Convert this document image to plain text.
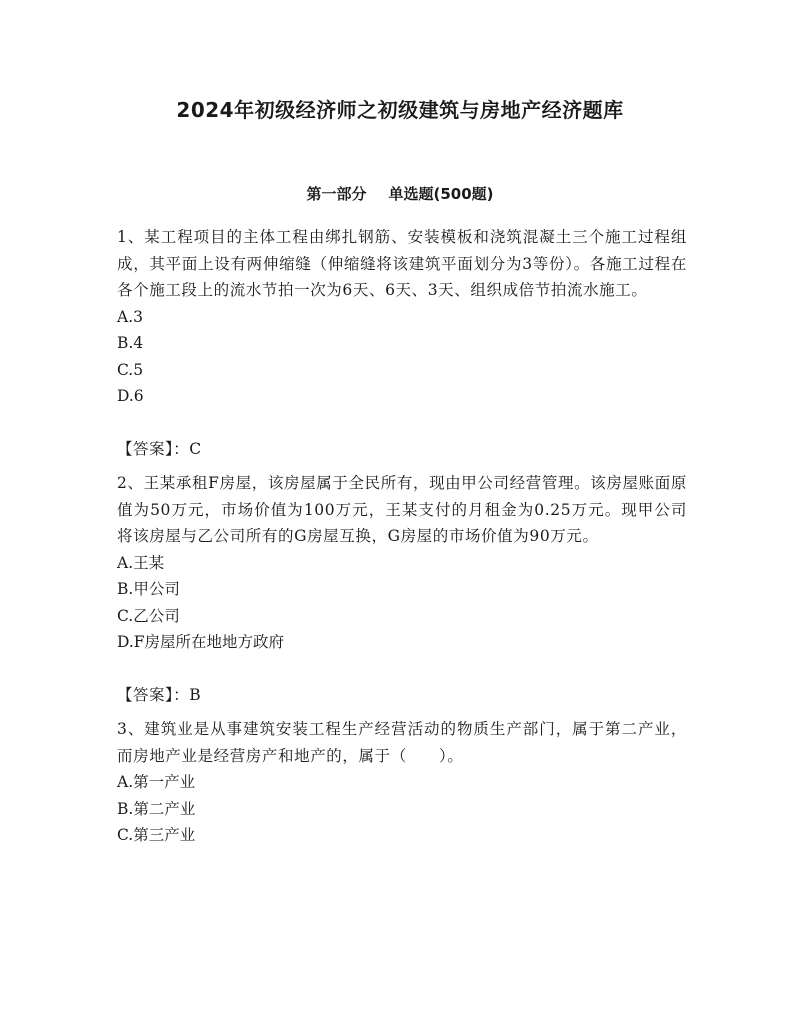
2024年初级经济师之初级建筑与房地产经济题库
第一部分 单选题(500题)

1、某工程项目的主体工程由绑扎钢筋、安装模板和浇筑混凝土三个施工过程组成，其平面上设有两伸缩缝（伸缩缝将该建筑平面划分为3等份）。各施工过程在各个施工段上的流水节拍一次为6天、6天、3天、组织成倍节拍流水施工。

A.3
B.4
C.5
D.6
【答案】：C

2、王某承租F房屋，该房屋属于全民所有，现由甲公司经营管理。该房屋账面原值为50万元，市场价值为100万元，王某支付的月租金为0.25万元。现甲公司将该房屋与乙公司所有的G房屋互换，G房屋的市场价值为90万元。

A.王某
B.甲公司
C.乙公司
D.F房屋所在地地方政府
【答案】：B

3、建筑业是从事建筑安装工程生产经营活动的物质生产部门，属于第二产业，而房地产业是经营房产和地产的，属于（　　）。

A.第一产业
B.第二产业
C.第三产业
